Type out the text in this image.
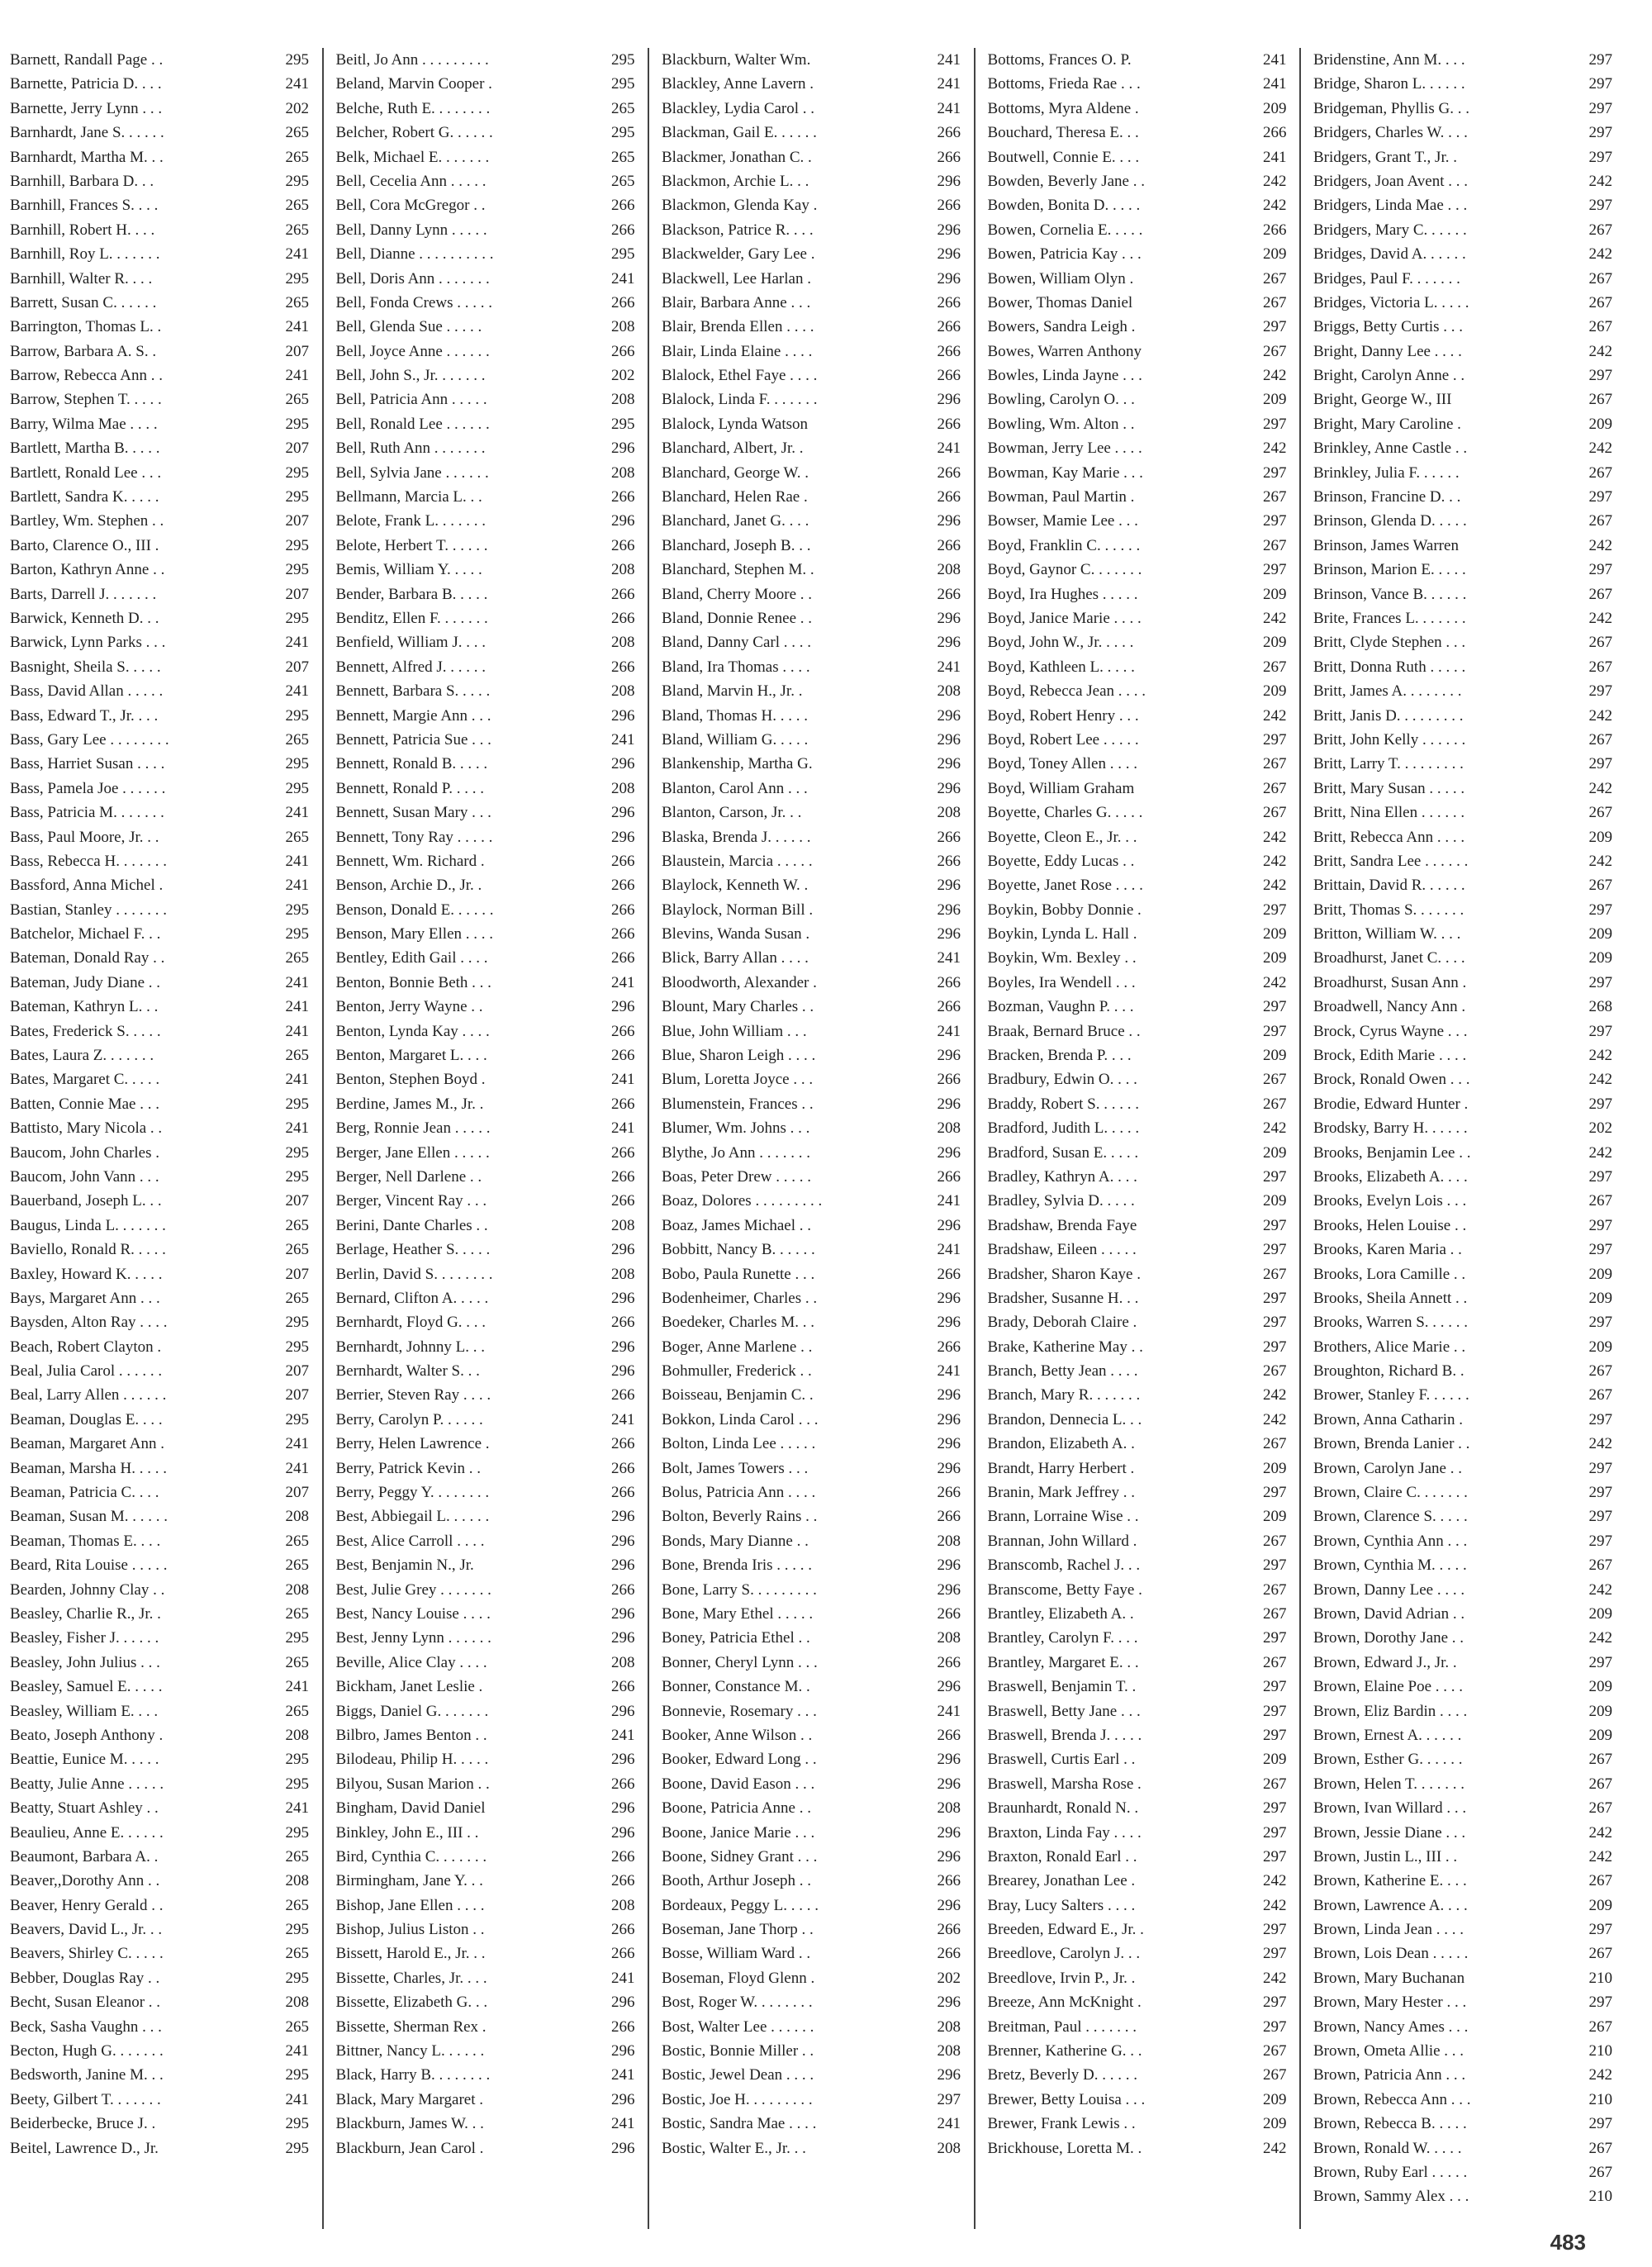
Barnett, Randall Page . .	295
Barnette, Patricia D. . . .	241
Barnette, Jerry Lynn . . .	202
Barnhardt, Jane S. . . . . .	265
Barnhardt, Martha M. . .	265
Barnhill, Barbara D. . .	295
Barnhill, Frances S. . . .	265
Barnhill, Robert H. . . .	265
Barnhill, Roy L. . . . . . .	241
Barnhill, Walter R. . . .	295
Barrett, Susan C. . . . . .	265
Barrington, Thomas L. .	241
Barrow, Barbara A. S. .	207
Barrow, Rebecca Ann . .	241
Barrow, Stephen T. . . . .	265
Barry, Wilma Mae . . . .	295
Bartlett, Martha B. . . . .	207
Bartlett, Ronald Lee . . .	295
Bartlett, Sandra K. . . . .	295
Bartley, Wm. Stephen . .	207
Barto, Clarence O., III .	295
Barton, Kathryn Anne . .	295
Barts, Darrell J. . . . . . .	207
Barwick, Kenneth D. . .	295
Barwick, Lynn Parks . . .	241
Basnight, Sheila S. . . . .	207
Bass, David Allan . . . . .	241
Bass, Edward T., Jr. . . .	295
Bass, Gary Lee . . . . . . . .	265
Bass, Harriet Susan . . . .	295
Bass, Pamela Joe . . . . . .	295
Bass, Patricia M. . . . . . .	241
Bass, Paul Moore, Jr. . .	265
Bass, Rebecca H. . . . . . .	241
Bassford, Anna Michel .	241
Bastian, Stanley . . . . . . .	295
Batchelor, Michael F. . .	295
Bateman, Donald Ray . .	265
Bateman, Judy Diane . .	241
Bateman, Kathryn L. . .	241
Bates, Frederick S. . . . .	241
Bates, Laura Z. . . . . . .	265
Bates, Margaret C. . . . .	241
Batten, Connie Mae . . .	295
Battisto, Mary Nicola . .	241
Baucom, John Charles .	295
Baucom, John Vann . . .	295
Bauerband, Joseph L. . .	207
Baugus, Linda L. . . . . . .	265
Baviello, Ronald R. . . . .	265
Baxley, Howard K. . . . .	207
Bays, Margaret Ann . . .	265
Baysden, Alton Ray . . . .	295
Beach, Robert Clayton .	295
Beal, Julia Carol . . . . . .	207
Beal, Larry Allen . . . . . .	207
Beaman, Douglas E. . . .	295
Beaman, Margaret Ann .	241
Beaman, Marsha H. . . . .	241
Beaman, Patricia C. . . .	207
Beaman, Susan M. . . . . .	208
Beaman, Thomas E. . . .	265
Beard, Rita Louise . . . . .	265
Bearden, Johnny Clay . .	208
Beasley, Charlie R., Jr. .	265
Beasley, Fisher J. . . . . .	295
Beasley, John Julius . . .	265
Beasley, Samuel E. . . . .	241
Beasley, William E. . . .	265
Beato, Joseph Anthony .	208
Beattie, Eunice M. . . . .	295
Beatty, Julie Anne . . . . .	295
Beatty, Stuart Ashley . .	241
Beaulieu, Anne E. . . . . .	295
Beaumont, Barbara A. .	265
Beaver,,Dorothy Ann . .	208
Beaver, Henry Gerald . .	265
Beavers, David L., Jr. . .	295
Beavers, Shirley C. . . . .	265
Bebber, Douglas Ray . .	295
Becht, Susan Eleanor . .	208
Beck, Sasha Vaughn . . .	265
Becton, Hugh G. . . . . . .	241
Bedsworth, Janine M. . .	295
Beety, Gilbert T. . . . . . .	241
Beiderbecke, Bruce J. .	295
Beitel, Lawrence D., Jr.	295
Beitl, Jo Ann . . . . . . . . .	295
Beland, Marvin Cooper .	295
Belche, Ruth E. . . . . . . .	265
Belcher, Robert G. . . . . .	295
Belk, Michael E. . . . . . .	265
Bell, Cecelia Ann . . . . .	265
Bell, Cora McGregor . .	266
Bell, Danny Lynn . . . . .	266
Bell, Dianne . . . . . . . . . .	295
Bell, Doris Ann . . . . . . .	241
Bell, Fonda Crews . . . . .	266
Bell, Glenda Sue . . . . .	208
Bell, Joyce Anne . . . . . .	266
Bell, John S., Jr. . . . . . .	202
Bell, Patricia Ann . . . . .	208
Bell, Ronald Lee . . . . . .	295
Bell, Ruth Ann . . . . . . .	296
Bell, Sylvia Jane . . . . . .	208
Bellmann, Marcia L. . .	266
Belote, Frank L. . . . . . .	296
Belote, Herbert T. . . . . .	266
Bemis, William Y. . . . .	208
Bender, Barbara B. . . . .	266
Benditz, Ellen F. . . . . . .	266
Benfield, William J. . . .	208
Bennett, Alfred J. . . . . .	266
Bennett, Barbara S. . . . .	208
Bennett, Margie Ann . . .	296
Bennett, Patricia Sue . . .	241
Bennett, Ronald B. . . . .	296
Bennett, Ronald P. . . . .	208
Bennett, Susan Mary . . .	296
Bennett, Tony Ray . . . . .	296
Bennett, Wm. Richard .	266
Benson, Archie D., Jr. .	266
Benson, Donald E. . . . . .	266
Benson, Mary Ellen . . . .	266
Bentley, Edith Gail . . . .	266
Benton, Bonnie Beth . . .	241
Benton, Jerry Wayne . .	296
Benton, Lynda Kay . . . .	266
Benton, Margaret L. . . .	266
Benton, Stephen Boyd .	241
Berdine, James M., Jr. .	266
Berg, Ronnie Jean . . . . .	241
Berger, Jane Ellen . . . . .	266
Berger, Nell Darlene . .	266
Berger, Vincent Ray . . .	266
Berini, Dante Charles . .	208
Berlage, Heather S. . . . .	296
Berlin, David S. . . . . . . .	208
Bernard, Clifton A. . . . .	296
Bernhardt, Floyd G. . . .	266
Bernhardt, Johnny L. . .	296
Bernhardt, Walter S. . .	296
Berrier, Steven Ray . . . .	266
Berry, Carolyn P. . . . . .	241
Berry, Helen Lawrence .	266
Berry, Patrick Kevin . .	266
Berry, Peggy Y. . . . . . . .	266
Best, Abbiegail L. . . . . .	296
Best, Alice Carroll . . . .	296
Best, Benjamin N., Jr.	296
Best, Julie Grey . . . . . . .	266
Best, Nancy Louise . . . .	296
Best, Jenny Lynn . . . . . .	296
Beville, Alice Clay . . . .	208
Bickham, Janet Leslie .	266
Biggs, Daniel G. . . . . . .	296
Bilbro, James Benton . .	241
Bilodeau, Philip H. . . . .	296
Bilyou, Susan Marion . .	266
Bingham, David Daniel	296
Binkley, John E., III . .	296
Bird, Cynthia C. . . . . . .	266
Birmingham, Jane Y. . .	266
Bishop, Jane Ellen . . . .	208
Bishop, Julius Liston . .	266
Bissett, Harold E., Jr. . .	266
Bissette, Charles, Jr. . . .	241
Bissette, Elizabeth G. . .	296
Bissette, Sherman Rex .	266
Bittner, Nancy L. . . . . .	296
Black, Harry B. . . . . . . .	241
Black, Mary Margaret .	296
Blackburn, James W. . .	241
Blackburn, Jean Carol .	296
Blackburn, Walter Wm.	241
Blackley, Anne Lavern .	241
Blackley, Lydia Carol . .	241
Blackman, Gail E. . . . . .	266
Blackmer, Jonathan C. .	266
Blackmon, Archie L. . .	296
Blackmon, Glenda Kay .	266
Blackson, Patrice R. . . .	296
Blackwelder, Gary Lee .	296
Blackwell, Lee Harlan .	296
Blair, Barbara Anne . . .	266
Blair, Brenda Ellen . . . .	266
Blair, Linda Elaine . . . .	266
Blalock, Ethel Faye . . . .	266
Blalock, Linda F. . . . . . .	296
Blalock, Lynda Watson	266
Blanchard, Albert, Jr. .	241
Blanchard, George W. .	266
Blanchard, Helen Rae .	266
Blanchard, Janet G. . . .	296
Blanchard, Joseph B. . .	266
Blanchard, Stephen M. .	208
Bland, Cherry Moore . .	266
Bland, Donnie Renee . .	296
Bland, Danny Carl . . . .	296
Bland, Ira Thomas . . . .	241
Bland, Marvin H., Jr. .	208
Bland, Thomas H. . . . .	296
Bland, William G. . . . .	296
Blankenship, Martha G.	296
Blanton, Carol Ann . . .	296
Blanton, Carson, Jr. . .	208
Blaska, Brenda J. . . . . .	266
Blaustein, Marcia . . . . .	266
Blaylock, Kenneth W. .	296
Blaylock, Norman Bill .	296
Blevins, Wanda Susan .	296
Blick, Barry Allan . . . .	241
Bloodworth, Alexander .	266
Blount, Mary Charles . .	266
Blue, John William . . .	241
Blue, Sharon Leigh . . . .	296
Blum, Loretta Joyce . . .	266
Blumenstein, Frances . .	296
Blumer, Wm. Johns . . .	208
Blythe, Jo Ann . . . . . . .	296
Boas, Peter Drew . . . . .	266
Boaz, Dolores . . . . . . . . .	241
Boaz, James Michael . .	296
Bobbitt, Nancy B. . . . . .	241
Bobo, Paula Runette . . .	266
Bodenheimer, Charles . .	296
Boedeker, Charles M. . .	296
Boger, Anne Marlene . .	266
Bohmuller, Frederick . .	241
Boisseau, Benjamin C. .	296
Bokkon, Linda Carol . . .	296
Bolton, Linda Lee . . . . .	296
Bolt, James Towers . . .	296
Bolus, Patricia Ann . . . .	266
Bolton, Beverly Rains . .	266
Bonds, Mary Dianne . .	208
Bone, Brenda Iris . . . . .	296
Bone, Larry S. . . . . . . . .	296
Bone, Mary Ethel . . . . .	266
Boney, Patricia Ethel . .	208
Bonner, Cheryl Lynn . . .	266
Bonner, Constance M. .	296
Bonnevie, Rosemary . . .	241
Booker, Anne Wilson . .	266
Booker, Edward Long . .	296
Boone, David Eason . . .	296
Boone, Patricia Anne . .	208
Boone, Janice Marie . . .	296
Boone, Sidney Grant . . .	296
Booth, Arthur Joseph . .	266
Bordeaux, Peggy L. . . . .	296
Boseman, Jane Thorp . .	266
Bosse, William Ward . .	266
Boseman, Floyd Glenn .	202
Bost, Roger W. . . . . . . .	296
Bost, Walter Lee . . . . . .	208
Bostic, Bonnie Miller . .	208
Bostic, Jewel Dean . . . .	296
Bostic, Joe H. . . . . . . . .	297
Bostic, Sandra Mae . . . .	241
Bostic, Walter E., Jr. . .	208
Bottoms, Frances O. P.	241
Bottoms, Frieda Rae . . .	241
Bottoms, Myra Aldene .	209
Bouchard, Theresa E. . .	266
Boutwell, Connie E. . . .	241
Bowden, Beverly Jane . .	242
Bowden, Bonita D. . . . .	242
Bowen, Cornelia E. . . . .	266
Bowen, Patricia Kay . . .	209
Bowen, William Olyn .	267
Bower, Thomas Daniel	267
Bowers, Sandra Leigh .	297
Bowes, Warren Anthony	267
Bowles, Linda Jayne . . .	242
Bowling, Carolyn O. . .	209
Bowling, Wm. Alton . .	297
Bowman, Jerry Lee . . . .	242
Bowman, Kay Marie . . .	297
Bowman, Paul Martin .	267
Bowser, Mamie Lee . . .	297
Boyd, Franklin C. . . . . .	267
Boyd, Gaynor C. . . . . . .	297
Boyd, Ira Hughes . . . . .	209
Boyd, Janice Marie . . . .	242
Boyd, John W., Jr. . . . .	209
Boyd, Kathleen L. . . . .	267
Boyd, Rebecca Jean . . . .	209
Boyd, Robert Henry . . .	242
Boyd, Robert Lee . . . . .	297
Boyd, Toney Allen . . . .	267
Boyd, William Graham	267
Boyette, Charles G. . . . .	267
Boyette, Cleon E., Jr. . .	242
Boyette, Eddy Lucas . .	242
Boyette, Janet Rose . . . .	242
Boykin, Bobby Donnie .	297
Boykin, Lynda L. Hall .	209
Boykin, Wm. Bexley . .	209
Boyles, Ira Wendell . . .	242
Bozman, Vaughn P. . . .	297
Braak, Bernard Bruce . .	297
Bracken, Brenda P. . . .	209
Bradbury, Edwin O. . . .	267
Braddy, Robert S. . . . . .	267
Bradford, Judith L. . . . .	242
Bradford, Susan E. . . . .	209
Bradley, Kathryn A. . . .	297
Bradley, Sylvia D. . . . .	209
Bradshaw, Brenda Faye	297
Bradshaw, Eileen . . . . .	297
Bradsher, Sharon Kaye .	267
Bradsher, Susanne H. . .	297
Brady, Deborah Claire .	297
Brake, Katherine May . .	297
Branch, Betty Jean . . . .	267
Branch, Mary R. . . . . . .	242
Brandon, Dennecia L. . .	242
Brandon, Elizabeth A. .	267
Brandt, Harry Herbert .	209
Branin, Mark Jeffrey . .	297
Brann, Lorraine Wise . .	209
Brannan, John Willard .	267
Branscomb, Rachel J. . .	297
Branscome, Betty Faye .	267
Brantley, Elizabeth A. .	267
Brantley, Carolyn F. . . .	297
Brantley, Margaret E. . .	267
Braswell, Benjamin T. .	297
Braswell, Betty Jane . . .	297
Braswell, Brenda J. . . . .	297
Braswell, Curtis Earl . .	209
Braswell, Marsha Rose .	267
Braunhardt, Ronald N. .	297
Braxton, Linda Fay . . . .	297
Braxton, Ronald Earl . .	297
Brearey, Jonathan Lee .	242
Bray, Lucy Salters . . . .	242
Breeden, Edward E., Jr. .	297
Breedlove, Carolyn J. . .	297
Breedlove, Irvin P., Jr. .	242
Breeze, Ann McKnight .	297
Breitman, Paul . . . . . . .	297
Brenner, Katherine G. . .	267
Bretz, Beverly D. . . . . .	267
Brewer, Betty Louisa . . .	209
Brewer, Frank Lewis . .	209
Brickhouse, Loretta M. .	242
Bridenstine, Ann M. . . .	297
Bridge, Sharon L. . . . . .	297
Bridgeman, Phyllis G. . .	297
Bridgers, Charles W. . . .	297
Bridgers, Grant T., Jr. .	297
Bridgers, Joan Avent . . .	242
Bridgers, Linda Mae . . .	297
Bridgers, Mary C. . . . . .	267
Bridges, David A. . . . . .	242
Bridges, Paul F. . . . . . .	267
Bridges, Victoria L. . . . .	267
Briggs, Betty Curtis . . .	267
Bright, Danny Lee . . . .	242
Bright, Carolyn Anne . .	297
Bright, George W., III	267
Bright, Mary Caroline .	209
Brinkley, Anne Castle . .	242
Brinkley, Julia F. . . . . .	267
Brinson, Francine D. . .	297
Brinson, Glenda D. . . . .	267
Brinson, James Warren	242
Brinson, Marion E. . . . .	297
Brinson, Vance B. . . . . .	267
Brite, Frances L. . . . . . .	242
Britt, Clyde Stephen . . .	267
Britt, Donna Ruth . . . . .	267
Britt, James A. . . . . . . .	297
Britt, Janis D. . . . . . . . .	242
Britt, John Kelly . . . . . .	267
Britt, Larry T. . . . . . . . .	297
Britt, Mary Susan . . . . .	242
Britt, Nina Ellen . . . . . .	267
Britt, Rebecca Ann . . . .	209
Britt, Sandra Lee . . . . . .	242
Brittain, David R. . . . . .	267
Britt, Thomas S. . . . . . .	297
Britton, William W. . . .	209
Broadhurst, Janet C. . . .	209
Broadhurst, Susan Ann .	297
Broadwell, Nancy Ann .	268
Brock, Cyrus Wayne . . .	297
Brock, Edith Marie . . . .	242
Brock, Ronald Owen . . .	242
Brodie, Edward Hunter .	297
Brodsky, Barry H. . . . . .	202
Brooks, Benjamin Lee . .	242
Brooks, Elizabeth A. . . .	297
Brooks, Evelyn Lois . . .	267
Brooks, Helen Louise . .	297
Brooks, Karen Maria . .	297
Brooks, Lora Camille . .	209
Brooks, Sheila Annett . .	209
Brooks, Warren S. . . . . .	297
Brothers, Alice Marie . .	209
Broughton, Richard B. .	267
Brower, Stanley F. . . . . .	267
Brown, Anna Catharin .	297
Brown, Brenda Lanier . .	242
Brown, Carolyn Jane . .	297
Brown, Claire C. . . . . . .	297
Brown, Clarence S. . . . .	297
Brown, Cynthia Ann . . .	297
Brown, Cynthia M. . . . .	267
Brown, Danny Lee . . . .	242
Brown, David Adrian . .	209
Brown, Dorothy Jane . .	242
Brown, Edward J., Jr. .	297
Brown, Elaine Poe . . . .	209
Brown, Eliz Bardin . . . .	209
Brown, Ernest A. . . . . .	209
Brown, Esther G. . . . . .	267
Brown, Helen T. . . . . . .	267
Brown, Ivan Willard . . .	267
Brown, Jessie Diane . . .	242
Brown, Justin L., III . .	242
Brown, Katherine E. . . .	267
Brown, Lawrence A. . . .	209
Brown, Linda Jean . . . .	297
Brown, Lois Dean . . . . .	267
Brown, Mary Buchanan	210
Brown, Mary Hester . . .	297
Brown, Nancy Ames . . .	267
Brown, Ometa Allie . . .	210
Brown, Patricia Ann . . .	242
Brown, Rebecca Ann . . .	210
Brown, Rebecca B. . . . .	297
Brown, Ronald W. . . . .	267
Brown, Ruby Earl . . . . .	267
Brown, Sammy Alex . . .	210
483
